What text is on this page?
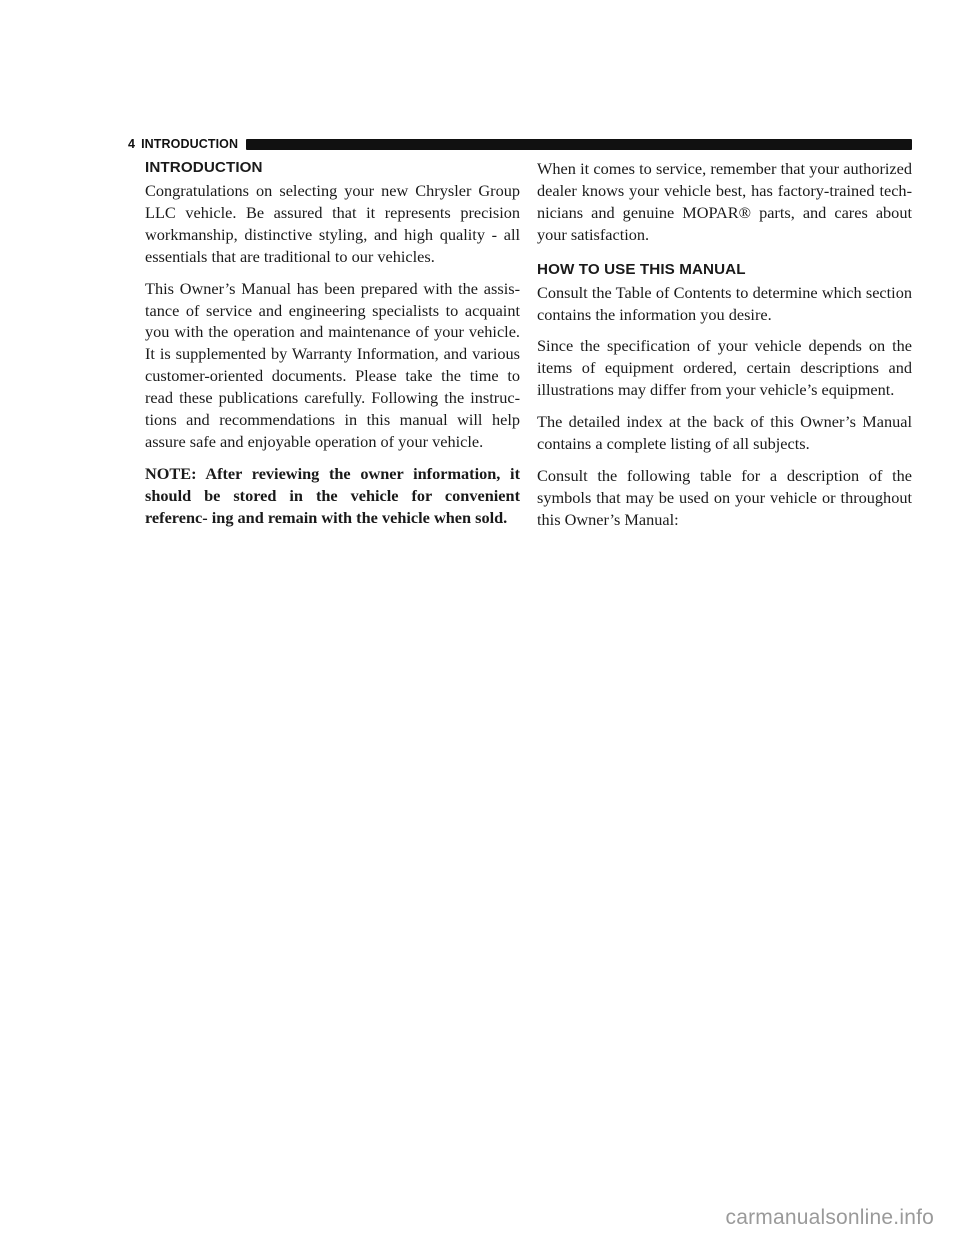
4 INTRODUCTION
INTRODUCTION

Congratulations on selecting your new Chrysler Group LLC vehicle. Be assured that it represents precision workmanship, distinctive styling, and high quality - all essentials that are traditional to our vehicles.

This Owner’s Manual has been prepared with the assis- tance of service and engineering specialists to acquaint you with the operation and maintenance of your vehicle. It is supplemented by Warranty Information, and various customer-oriented documents. Please take the time to read these publications carefully. Following the instruc- tions and recommendations in this manual will help assure safe and enjoyable operation of your vehicle.

NOTE: After reviewing the owner information, it should be stored in the vehicle for convenient referenc- ing and remain with the vehicle when sold.

When it comes to service, remember that your authorized dealer knows your vehicle best, has factory-trained tech- nicians and genuine MOPAR® parts, and cares about your satisfaction.

HOW TO USE THIS MANUAL

Consult the Table of Contents to determine which section contains the information you desire.

Since the specification of your vehicle depends on the items of equipment ordered, certain descriptions and illustrations may differ from your vehicle’s equipment.

The detailed index at the back of this Owner’s Manual contains a complete listing of all subjects.

Consult the following table for a description of the symbols that may be used on your vehicle or throughout this Owner’s Manual:

carmanualsonline.info
